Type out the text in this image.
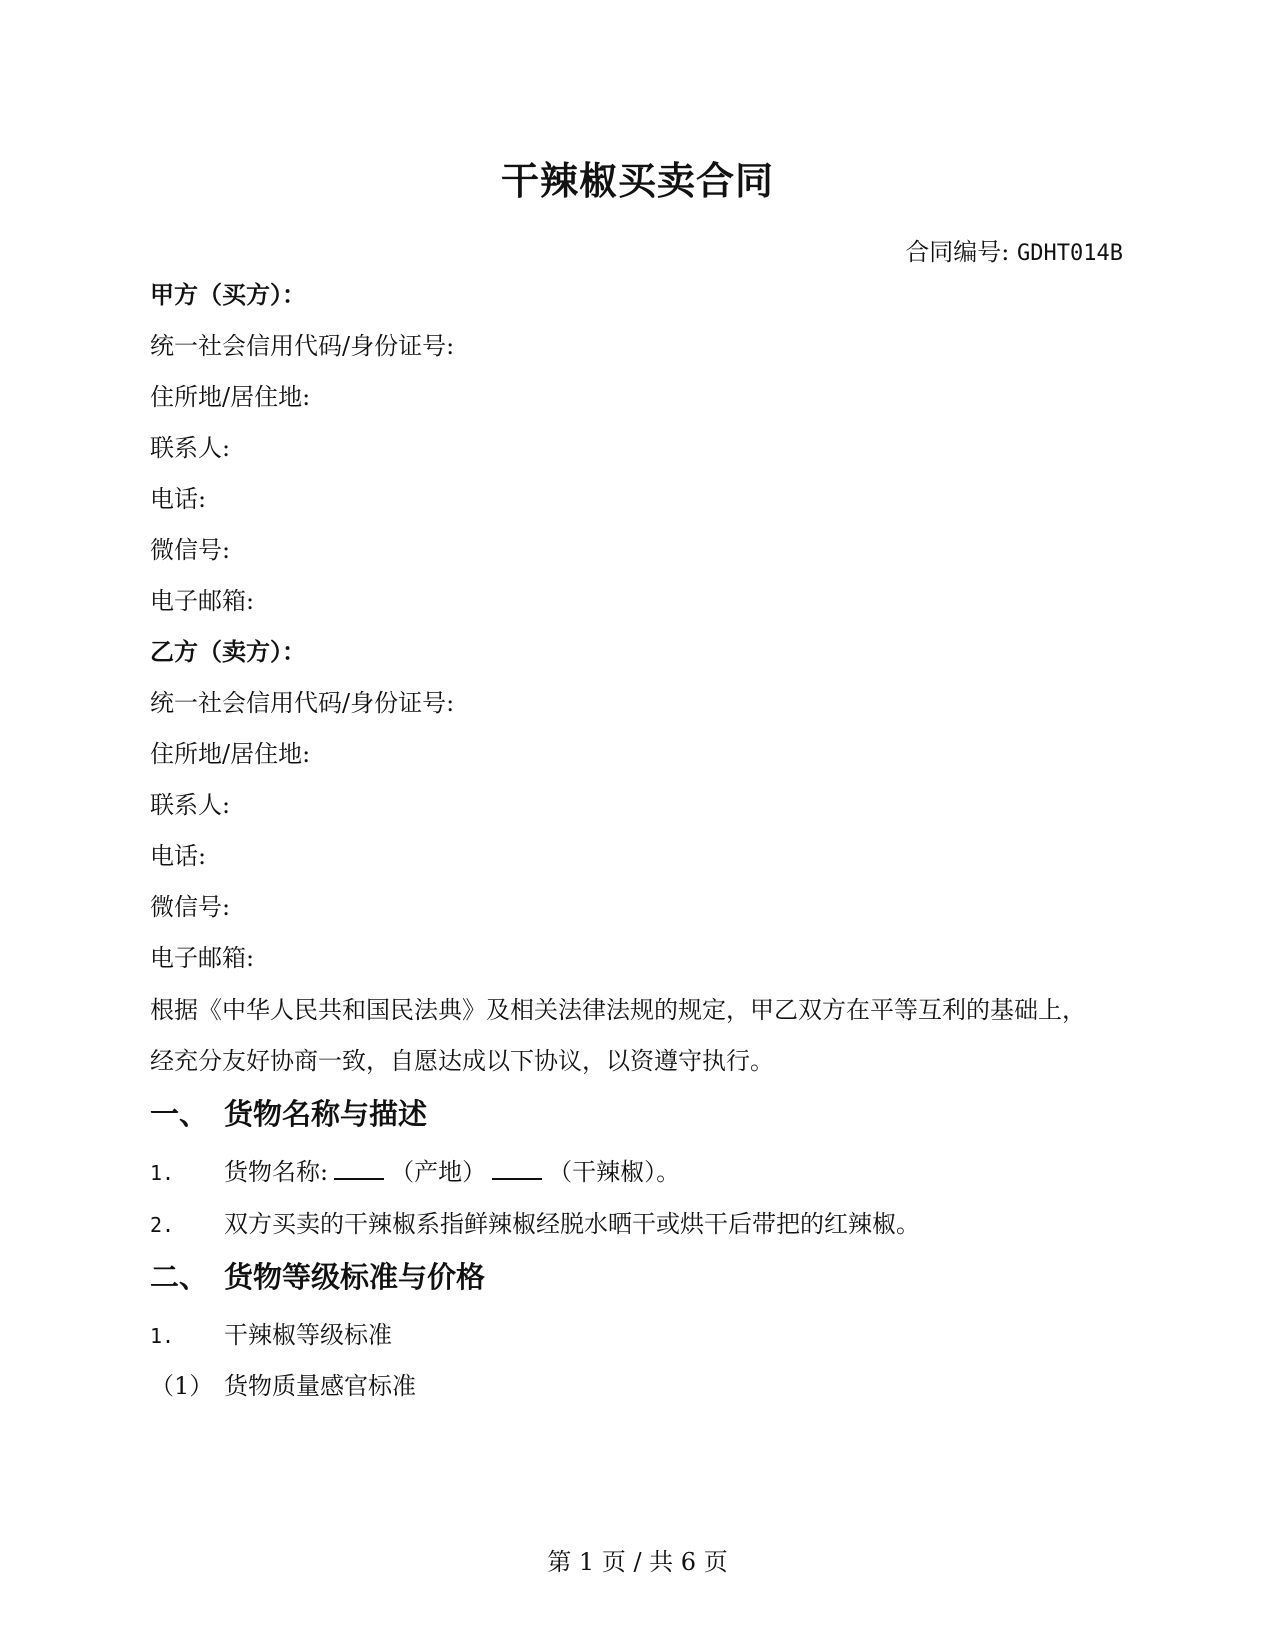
干辣椒买卖合同
合同编号: GDHT014B
甲方（买方）：
统一社会信用代码/身份证号:
住所地/居住地:
联系人:
电话:
微信号:
电子邮箱:
乙方（卖方）：
统一社会信用代码/身份证号:
住所地/居住地:
联系人:
电话:
微信号:
电子邮箱:
根据《中华人民共和国民法典》及相关法律法规的规定，甲乙双方在平等互利的基础上，
经充分友好协商一致，自愿达成以下协议，以资遵守执行。
一、 货物名称与描述
1. 货物名称:	（产地）	（干辣椒）。
2. 双方买卖的干辣椒系指鲜辣椒经脱水晒干或烘干后带把的红辣椒。
二、 货物等级标准与价格
1. 干辣椒等级标准
（1） 货物质量感官标准
第 1 页 / 共 6 页
